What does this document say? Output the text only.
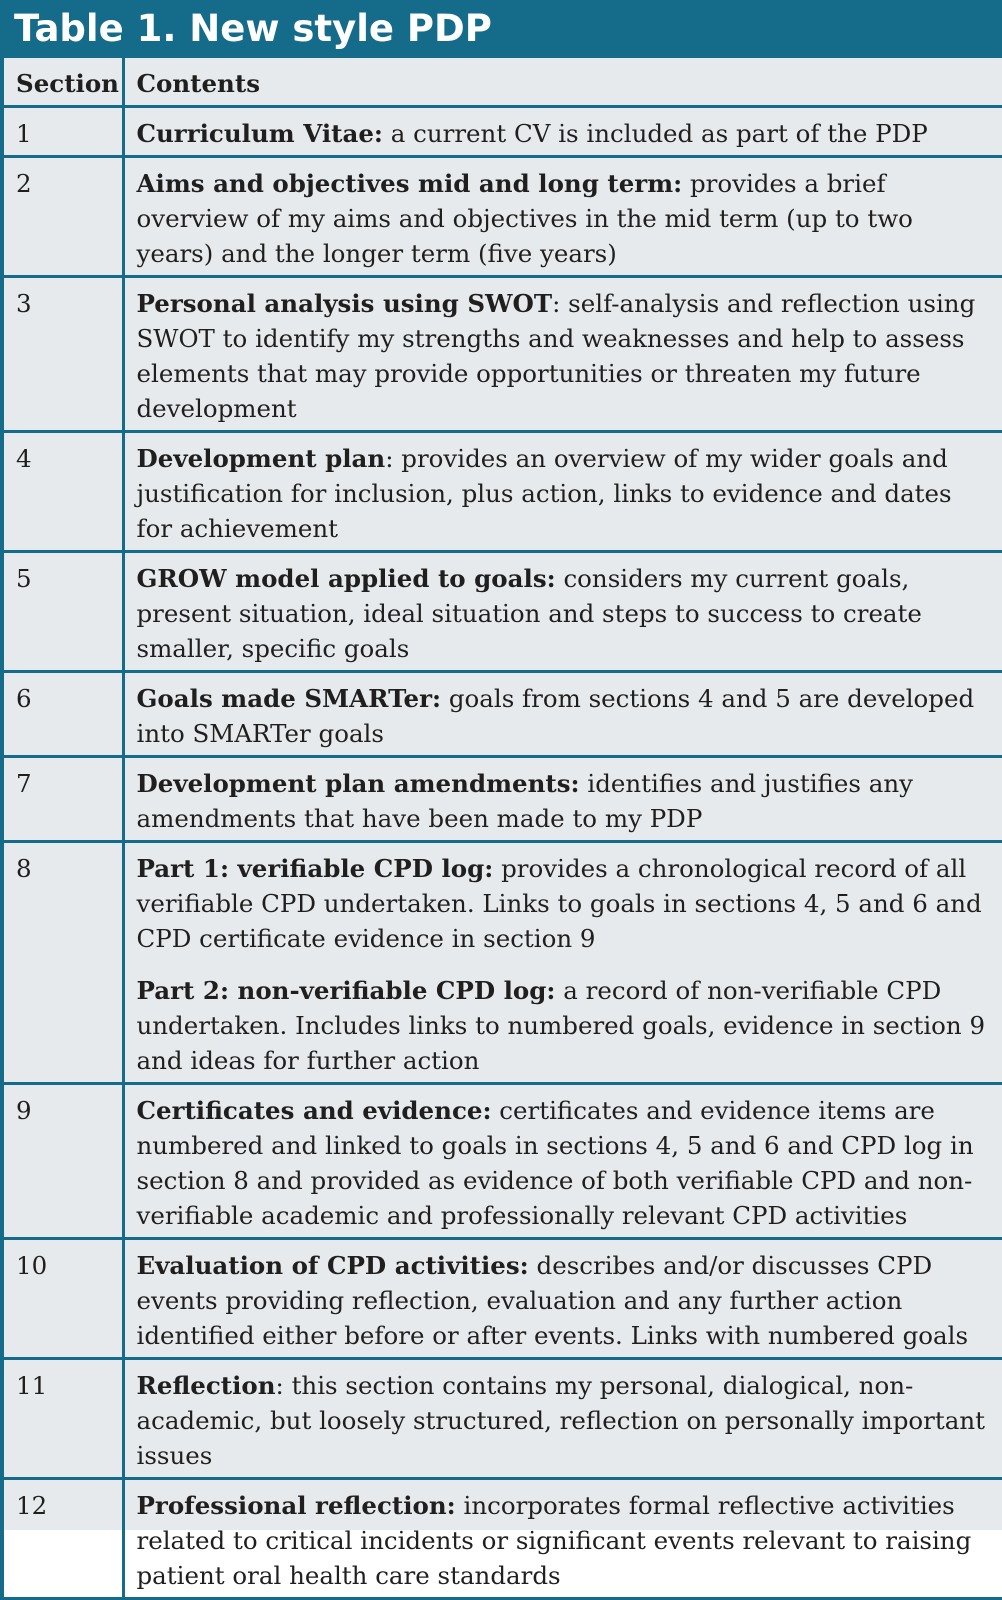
Table 1. New style PDP
Section	Contents
1	Curriculum Vitae: a current CV is included as part of the PDP

2	Aims and objectives mid and long term: provides a brief overview of my aims and objectives in the mid term (up to two years) and the longer term (five years)

3	Personal analysis using SWOT: self-analysis and reflection using SWOT to identify my strengths and weaknesses and help to assess elements that may provide opportunities or threaten my future development

4	Development plan: provides an overview of my wider goals and justification for inclusion, plus action, links to evidence and dates for achievement

5	GROW model applied to goals: considers my current goals, present situation, ideal situation and steps to success to create smaller, specific goals

6	Goals made SMARTer: goals from sections 4 and 5 are developed into SMARTer goals

7	Development plan amendments: identifies and justifies any amendments that have been made to my PDP

8	Part 1: verifiable CPD log: provides a chronological record of all verifiable CPD undertaken. Links to goals in sections 4, 5 and 6 and CPD certificate evidence in section 9
Part 2: non-verifiable CPD log: a record of non-verifiable CPD undertaken. Includes links to numbered goals, evidence in section 9 and ideas for further action

9	Certificates and evidence: certificates and evidence items are numbered and linked to goals in sections 4, 5 and 6 and CPD log in section 8 and provided as evidence of both verifiable CPD and non-verifiable academic and professionally relevant CPD activities

10	Evaluation of CPD activities: describes and/or discusses CPD events providing reflection, evaluation and any further action identified either before or after events. Links with numbered goals

11	Reflection: this section contains my personal, dialogical, non-academic, but loosely structured, reflection on personally important issues

12	Professional reflection: incorporates formal reflective activities related to critical incidents or significant events relevant to raising patient oral health care standards
